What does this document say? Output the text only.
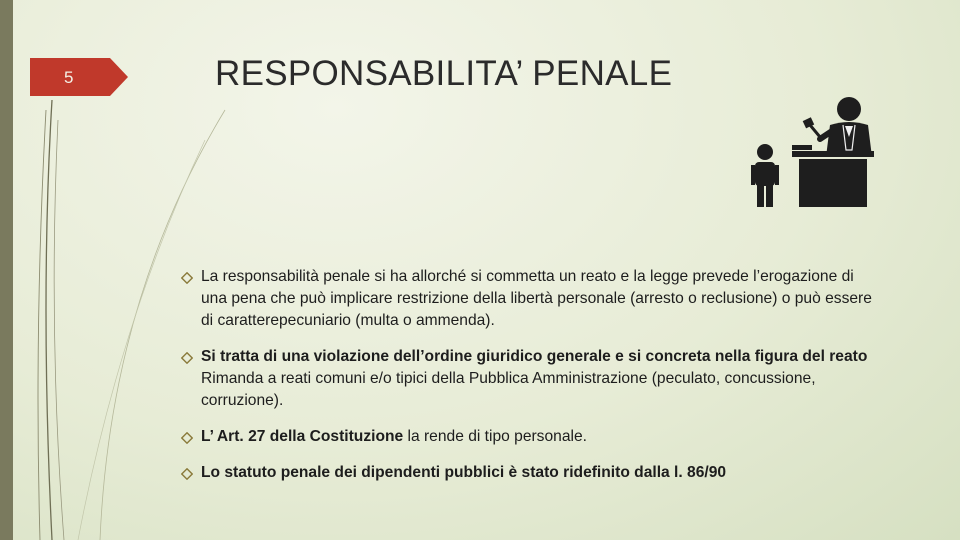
5	RESPONSABILITA’ PENALE
La responsabilità penale si ha allorché si commetta un reato e la legge prevede l’erogazione di una pena che può implicare restrizione della libertà personale (arresto o reclusione) o può essere di caratterepecuniario (multa o ammenda).
Si tratta di una violazione dell’ordine giuridico generale e si concreta nella figura del reato Rimanda a reati comuni e/o tipici della Pubblica Amministrazione (peculato, concussione, corruzione).
L’ Art. 27 della Costituzione la rende di tipo personale.
Lo statuto penale dei dipendenti pubblici è stato ridefinito dalla l. 86/90
